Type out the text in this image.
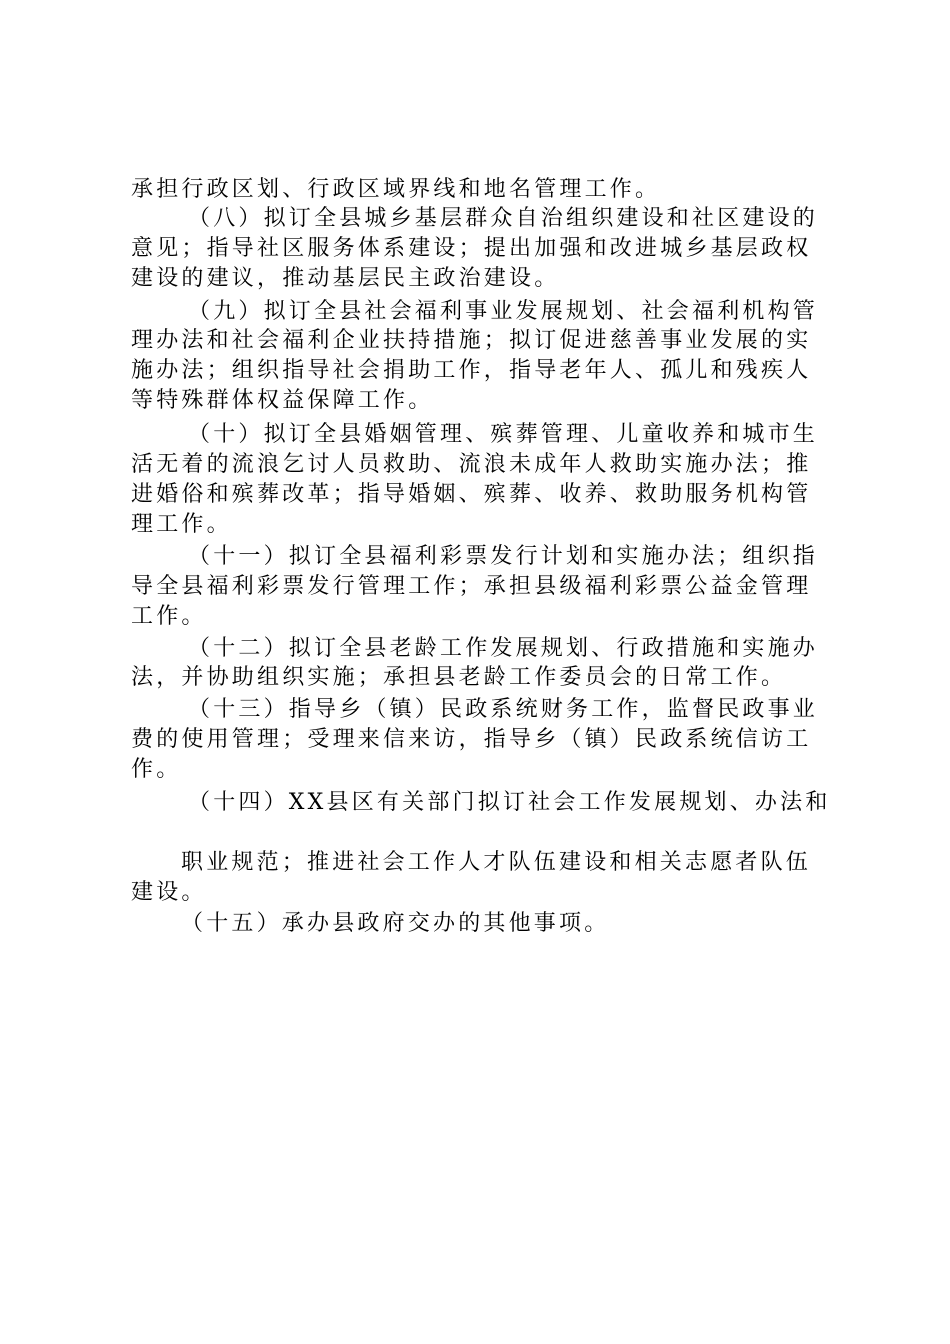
承担行政区划、行政区域界线和地名管理工作。
（八）拟订全县城乡基层群众自治组织建设和社区建设的
意见；指导社区服务体系建设；提出加强和改进城乡基层政权
建设的建议，推动基层民主政治建设。
（九）拟订全县社会福利事业发展规划、社会福利机构管
理办法和社会福利企业扶持措施；拟订促进慈善事业发展的实
施办法；组织指导社会捐助工作，指导老年人、孤儿和残疾人
等特殊群体权益保障工作。
（十）拟订全县婚姻管理、殡葬管理、儿童收养和城市生
活无着的流浪乞讨人员救助、流浪未成年人救助实施办法；推
进婚俗和殡葬改革；指导婚姻、殡葬、收养、救助服务机构管
理工作。
（十一）拟订全县福利彩票发行计划和实施办法；组织指
导全县福利彩票发行管理工作；承担县级福利彩票公益金管理
工作。
（十二）拟订全县老龄工作发展规划、行政措施和实施办
法，并协助组织实施；承担县老龄工作委员会的日常工作。
（十三）指导乡（镇）民政系统财务工作，监督民政事业
费的使用管理；受理来信来访，指导乡（镇）民政系统信访工
作。
（十四）XX县区有关部门拟订社会工作发展规划、办法和
职业规范；推进社会工作人才队伍建设和相关志愿者队伍
建设。
（十五）承办县政府交办的其他事项。
